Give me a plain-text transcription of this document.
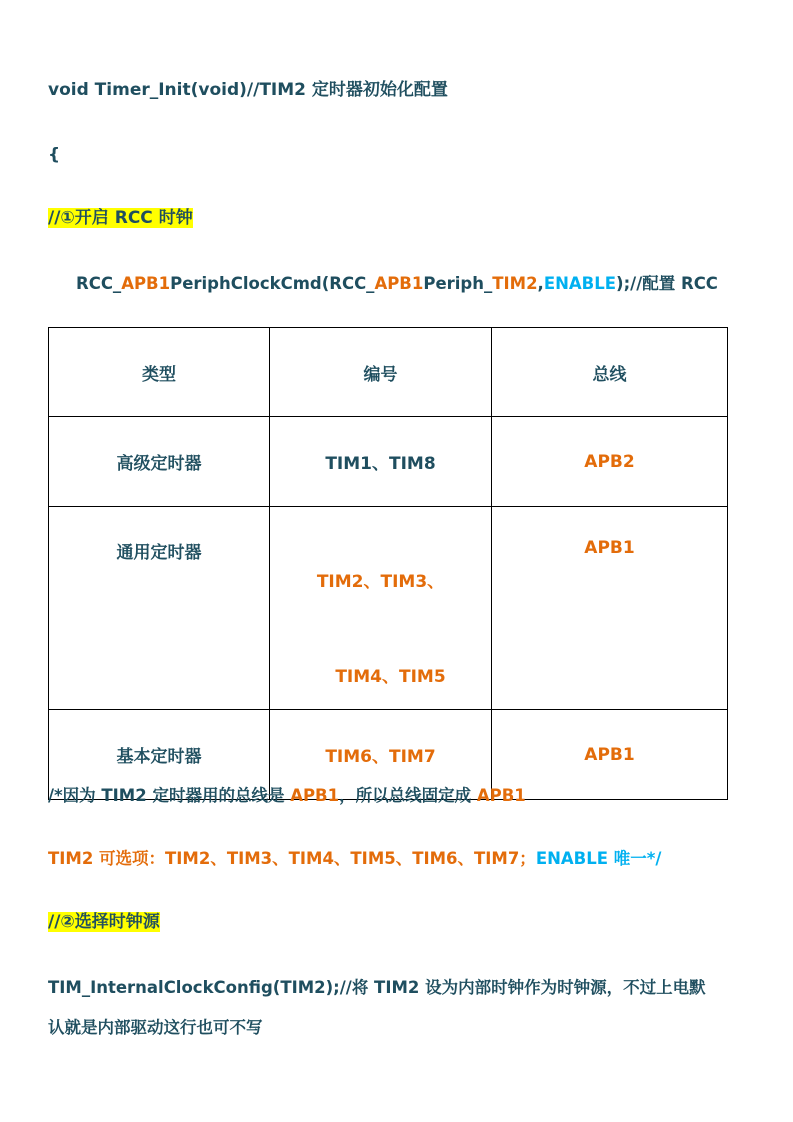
void Timer_Init(void)//TIM2 定时器初始化配置
{
//①开启 RCC 时钟
RCC_APB1PeriphClockCmd(RCC_APB1Periph_TIM2,ENABLE);//配置 RCC
类型	编号	总线
高级定时器	TIM1、TIM8	APB2

通用定时器	TIM2、TIM3、
TIM4、TIM5	APB1

基本定时器	TIM6、TIM7	APB1
/*因为 TIM2 定时器用的总线是 APB1，所以总线固定成 APB1
TIM2 可选项：TIM2、TIM3、TIM4、TIM5、TIM6、TIM7；ENABLE 唯一*/
//②选择时钟源
TIM_InternalClockConfig(TIM2);//将 TIM2 设为内部时钟作为时钟源，不过上电默
认就是内部驱动这行也可不写
